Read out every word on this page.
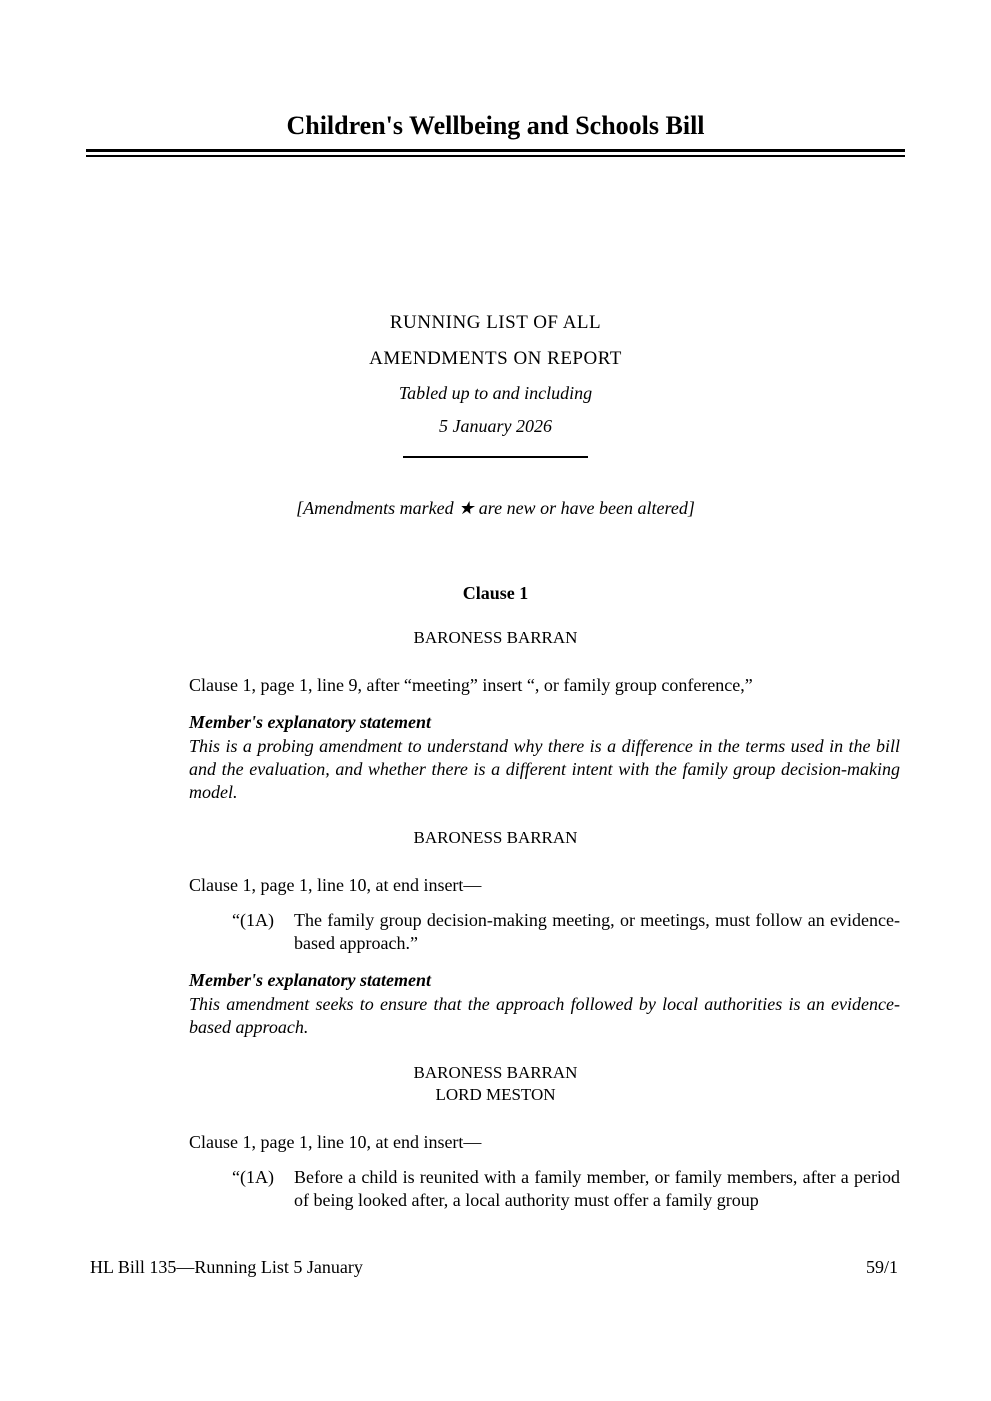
Children's Wellbeing and Schools Bill
RUNNING LIST OF ALL
AMENDMENTS ON REPORT
Tabled up to and including
5 January 2026
[Amendments marked ★ are new or have been altered]
Clause 1
BARONESS BARRAN

Clause 1, page 1, line 9, after “meeting” insert “, or family group conference,”

Member's explanatory statement

This is a probing amendment to understand why there is a difference in the terms used in the bill and the evaluation, and whether there is a different intent with the family group decision-making model.

BARONESS BARRAN

Clause 1, page 1, line 10, at end insert—

“(1A)	The family group decision-making meeting, or meetings, must follow an evidence-based approach.”
Member's explanatory statement

This amendment seeks to ensure that the approach followed by local authorities is an evidence-based approach.

BARONESS BARRAN
LORD MESTON

Clause 1, page 1, line 10, at end insert—

“(1A)	Before a child is reunited with a family member, or family members, after a period of being looked after, a local authority must offer a family group
HL Bill 135—Running List 5 January	59/1
